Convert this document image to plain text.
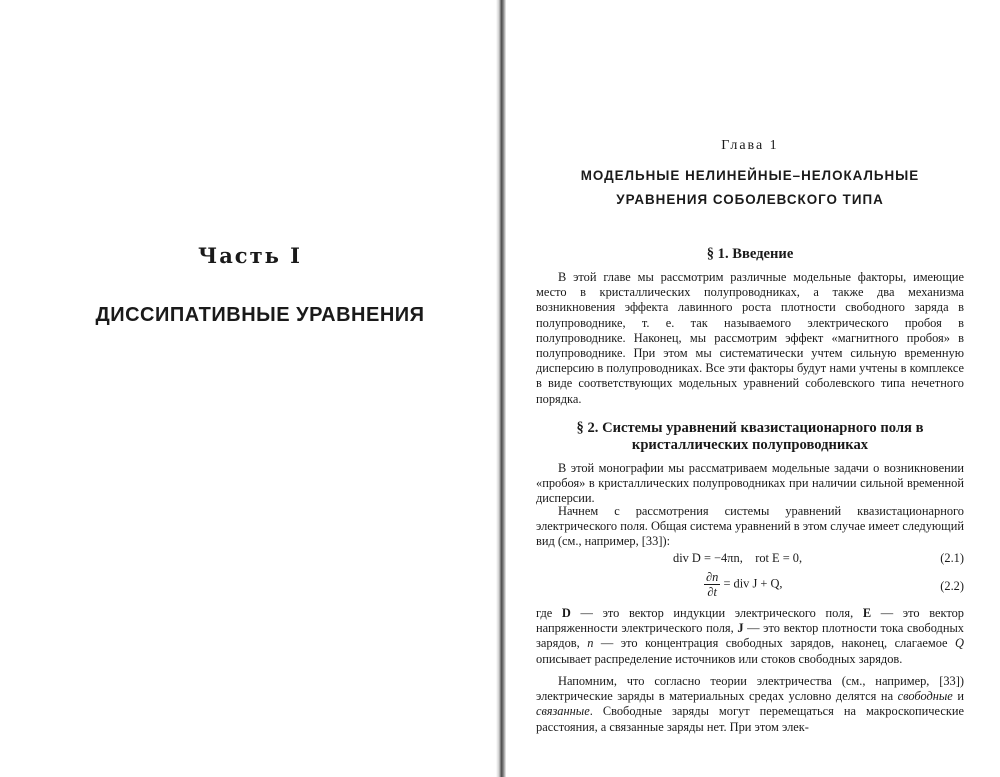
Часть I
ДИССИПАТИВНЫЕ УРАВНЕНИЯ
Глава 1
МОДЕЛЬНЫЕ НЕЛИНЕЙНЫЕ–НЕЛОКАЛЬНЫЕ
УРАВНЕНИЯ СОБОЛЕВСКОГО ТИПА
§ 1. Введение

В этой главе мы рассмотрим различные модельные факторы, имеющие место в кристаллических полупроводниках, а также два механизма возникновения эффекта лавинного роста плотности свободного заряда в полупроводнике, т. е. так называемого электрического пробоя в полупроводнике. Наконец, мы рассмотрим эффект «магнитного пробоя» в полупроводнике. При этом мы систематически учтем сильную временную дисперсию в полупроводниках. Все эти факторы будут нами учтены в комплексе в виде соответствующих модельных уравнений соболевского типа нечетного порядка.

§ 2. Системы уравнений квазистационарного поля в
кристаллических полупроводниках

В этой монографии мы рассматриваем модельные задачи о возникновении «пробоя» в кристаллических полупроводниках при наличии сильной временной дисперсии.

Начнем с рассмотрения системы уравнений квазистационарного электрического поля. Общая система уравнений в этом случае имеет следующий вид (см., например, [33]):

div D = −4πn, rot E = 0,	(2.1)
$\frac{\partial n}{\partial t}$ = div J + Q,	(2.2)

где D — это вектор индукции электрического поля, E — это вектор напряженности электрического поля, J — это вектор плотности тока свободных зарядов, n — это концентрация свободных зарядов, наконец, слагаемое Q описывает распределение источников или стоков свободных зарядов.

Напомним, что согласно теории электричества (см., например, [33]) электрические заряды в материальных средах условно делятся на свободные и связанные. Свободные заряды могут перемещаться на макроскопические расстояния, а связанные заряды нет. При этом элек-
